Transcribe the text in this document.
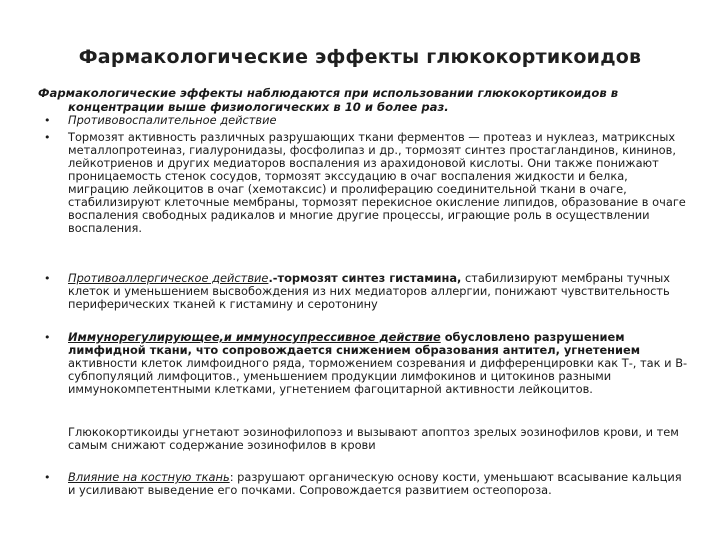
Фармакологические эффекты глюкокортикоидов
Фармакологические эффекты наблюдаются при использовании глюкокортикоидов в
концентрации выше физиологических в 10 и более раз.
• Противовоспалительное действие
• Тормозят активность различных разрушающих ткани ферментов — протеаз и нуклеаз, матриксных металлопротеиназ, гиалуронидазы, фосфолипаз и др., тормозят синтез простагландинов, кининов, лейкотриенов и других медиаторов воспаления из арахидоновой кислоты. Они также понижают проницаемость стенок сосудов, тормозят экссудацию в очаг воспаления жидкости и белка, миграцию лейкоцитов в очаг (хемотаксис) и пролиферацию соединительной ткани в очаге, стабилизируют клеточные мембраны, тормозят перекисное окисление липидов, образование в очаге воспаления свободных радикалов и многие другие процессы, играющие роль в осуществлении воспаления.
• Противоаллергическое действие.-тормозят синтез гистамина, стабилизируют мембраны тучных клеток и уменьшением высвобождения из них медиаторов аллергии, понижают чувствительность периферических тканей к гистамину и серотонину
• Иммунорегулирующее,и иммуносупрессивное действие обусловлено разрушением лимфидной ткани, что сопровождается снижением образования антител, угнетением активности клеток лимфоидного ряда, торможением созревания и дифференцировки как Т-, так и В-субпопуляций лимфоцитов., уменьшением продукции лимфокинов и цитокинов разными иммунокомпетентными клетками, угнетением фагоцитарной активности лейкоцитов.
Глюкокортикоиды угнетают эозинофилопоэз и вызывают апоптоз зрелых эозинофилов крови, и тем самым снижают содержание эозинофилов в крови
• Влияние на костную ткань: разрушают органическую основу кости, уменьшают всасывание кальция и усиливают выведение его почками. Сопровождается развитием остеопороза.
